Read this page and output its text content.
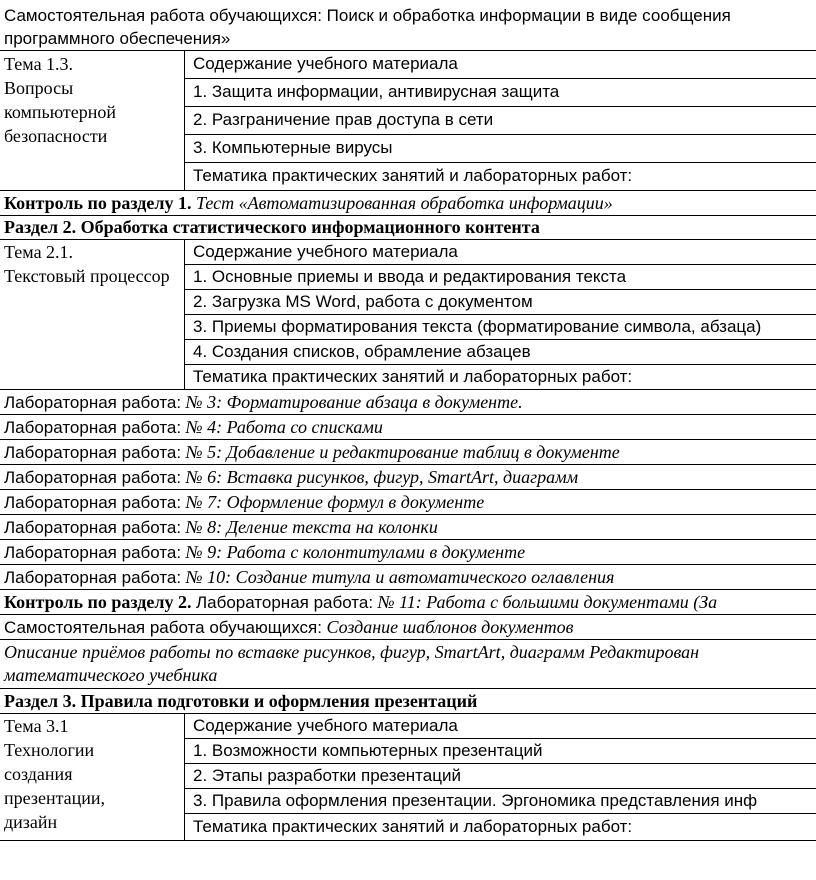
Самостоятельная работа обучающихся: Поиск и обработка информации в виде сообщения
программного обеспечения»
Тема 1.3.
Вопросы компьютерной безопасности
Содержание учебного материала
1. Защита информации, антивирусная защита
2. Разграничение прав доступа в сети
3. Компьютерные вирусы
Тематика практических занятий и лабораторных работ:
Контроль по разделу 1. Тест «Автоматизированная обработка информации»
Раздел 2. Обработка статистического информационного контента
Тема 2.1.
Текстовый процессор
Содержание учебного материала
1. Основные приемы и ввода и редактирования текста
2. Загрузка MS Word, работа с документом
3. Приемы форматирования текста (форматирование символа, абзаца)
4. Создания списков, обрамление абзацев
Тематика практических занятий и лабораторных работ:
Лабораторная работа: № 3: Форматирование абзаца в документе.
Лабораторная работа: № 4: Работа со списками
Лабораторная работа: № 5: Добавление и редактирование таблиц в документе
Лабораторная работа: № 6: Вставка рисунков, фигур, SmartArt, диаграмм
Лабораторная работа: № 7: Оформление формул в документе
Лабораторная работа: № 8: Деление текста на колонки
Лабораторная работа: № 9: Работа с колонтитулами в документе
Лабораторная работа: № 10: Создание титула и автоматического оглавления
Контроль по разделу 2. Лабораторная работа: № 11: Работа с большими документами (За
Самостоятельная работа обучающихся: Создание шаблонов документов
Описание приёмов работы по вставке рисунков, фигур, SmartArt, диаграмм Редактирован
математического учебника
Раздел 3. Правила подготовки и оформления презентаций
Тема 3.1
Технологии создания презентации, дизайн
Содержание учебного материала
1. Возможности компьютерных презентаций
2. Этапы разработки презентаций
3. Правила оформления презентации. Эргономика представления инф
Тематика практических занятий и лабораторных работ:
